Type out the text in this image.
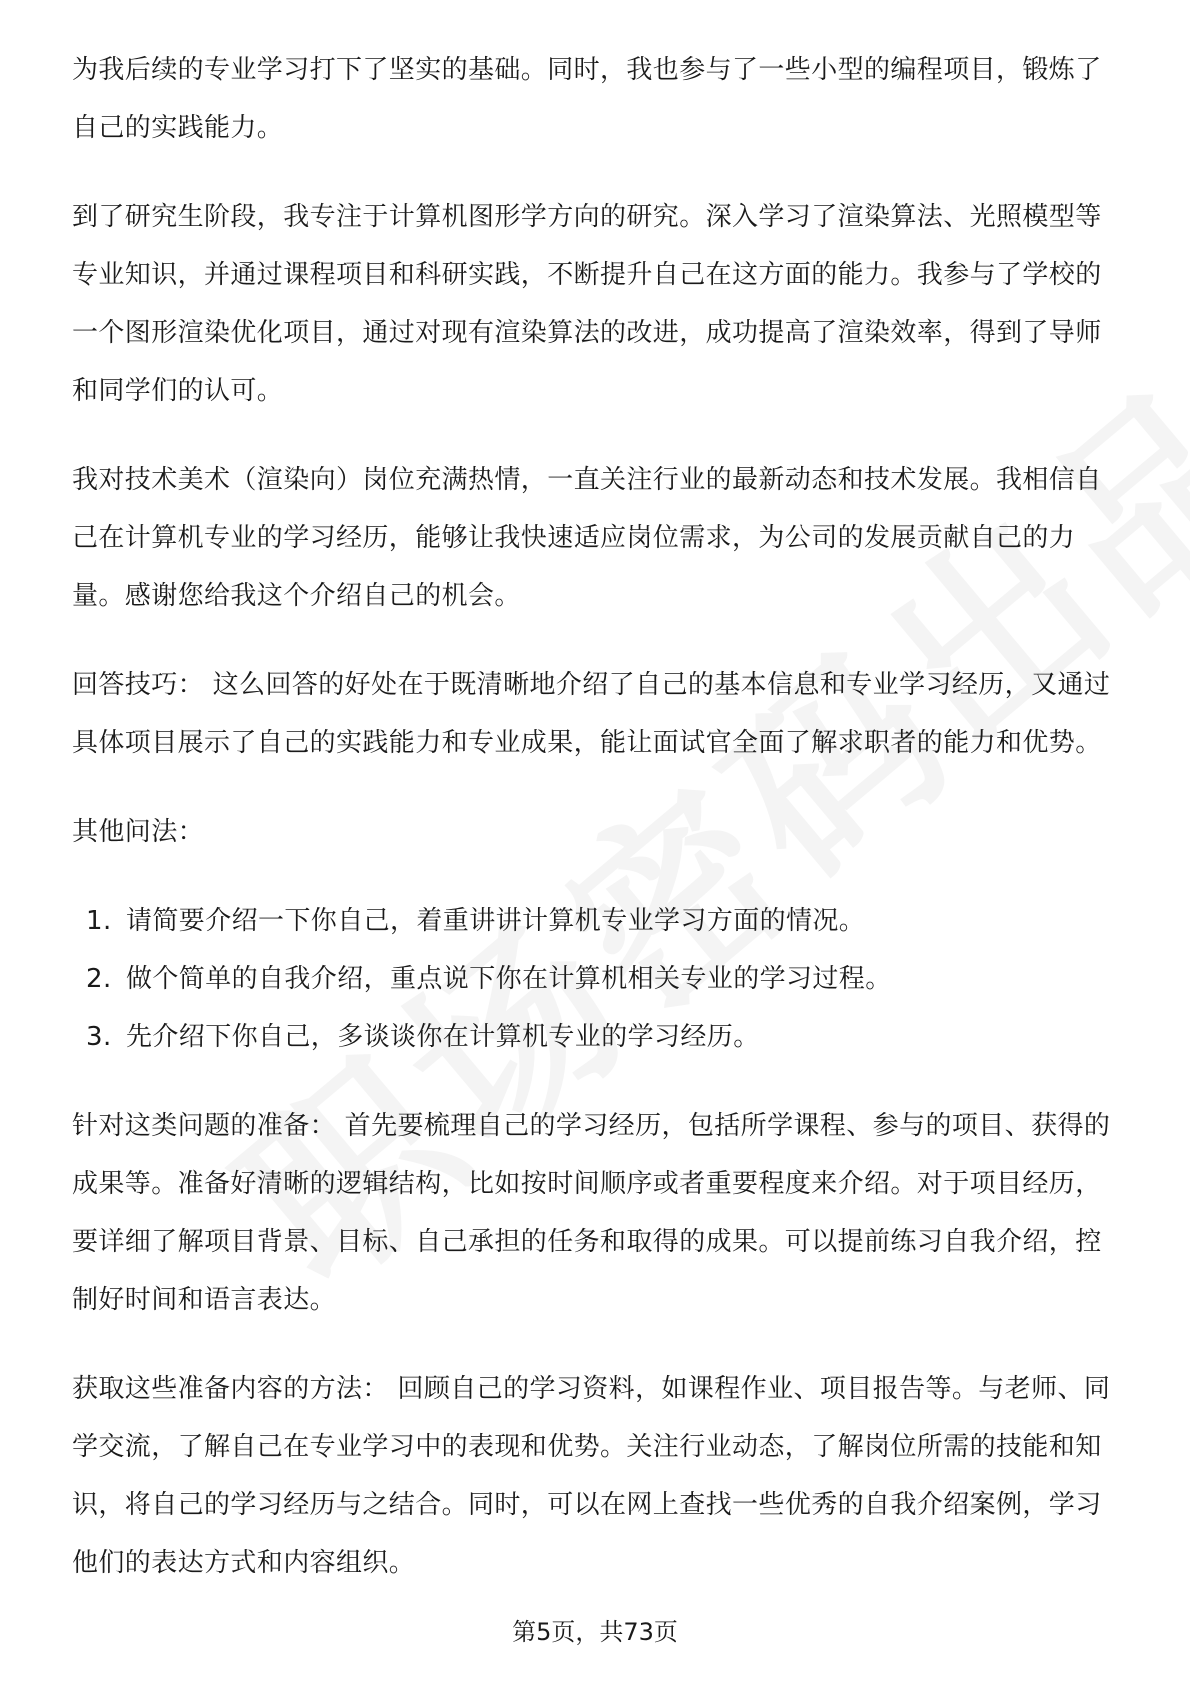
为我后续的专业学习打下了坚实的基础。同时，我也参与了一些小型的编程项目，锻炼了自己的实践能力。

到了研究生阶段，我专注于计算机图形学方向的研究。深入学习了渲染算法、光照模型等专业知识，并通过课程项目和科研实践，不断提升自己在这方面的能力。我参与了学校的一个图形渲染优化项目，通过对现有渲染算法的改进，成功提高了渲染效率，得到了导师和同学们的认可。

我对技术美术（渲染向）岗位充满热情，一直关注行业的最新动态和技术发展。我相信自己在计算机专业的学习经历，能够让我快速适应岗位需求，为公司的发展贡献自己的力量。感谢您给我这个介绍自己的机会。

回答技巧： 这么回答的好处在于既清晰地介绍了自己的基本信息和专业学习经历，又通过具体项目展示了自己的实践能力和专业成果，能让面试官全面了解求职者的能力和优势。

其他问法：

1. 请简要介绍一下你自己，着重讲讲计算机专业学习方面的情况。
2. 做个简单的自我介绍，重点说下你在计算机相关专业的学习过程。
3. 先介绍下你自己，多谈谈你在计算机专业的学习经历。

针对这类问题的准备： 首先要梳理自己的学习经历，包括所学课程、参与的项目、获得的成果等。准备好清晰的逻辑结构，比如按时间顺序或者重要程度来介绍。对于项目经历，要详细了解项目背景、目标、自己承担的任务和取得的成果。可以提前练习自我介绍，控制好时间和语言表达。

获取这些准备内容的方法： 回顾自己的学习资料，如课程作业、项目报告等。与老师、同学交流，了解自己在专业学习中的表现和优势。关注行业动态，了解岗位所需的技能和知识，将自己的学习经历与之结合。同时，可以在网上查找一些优秀的自我介绍案例，学习他们的表达方式和内容组织。

第5页，共73页
